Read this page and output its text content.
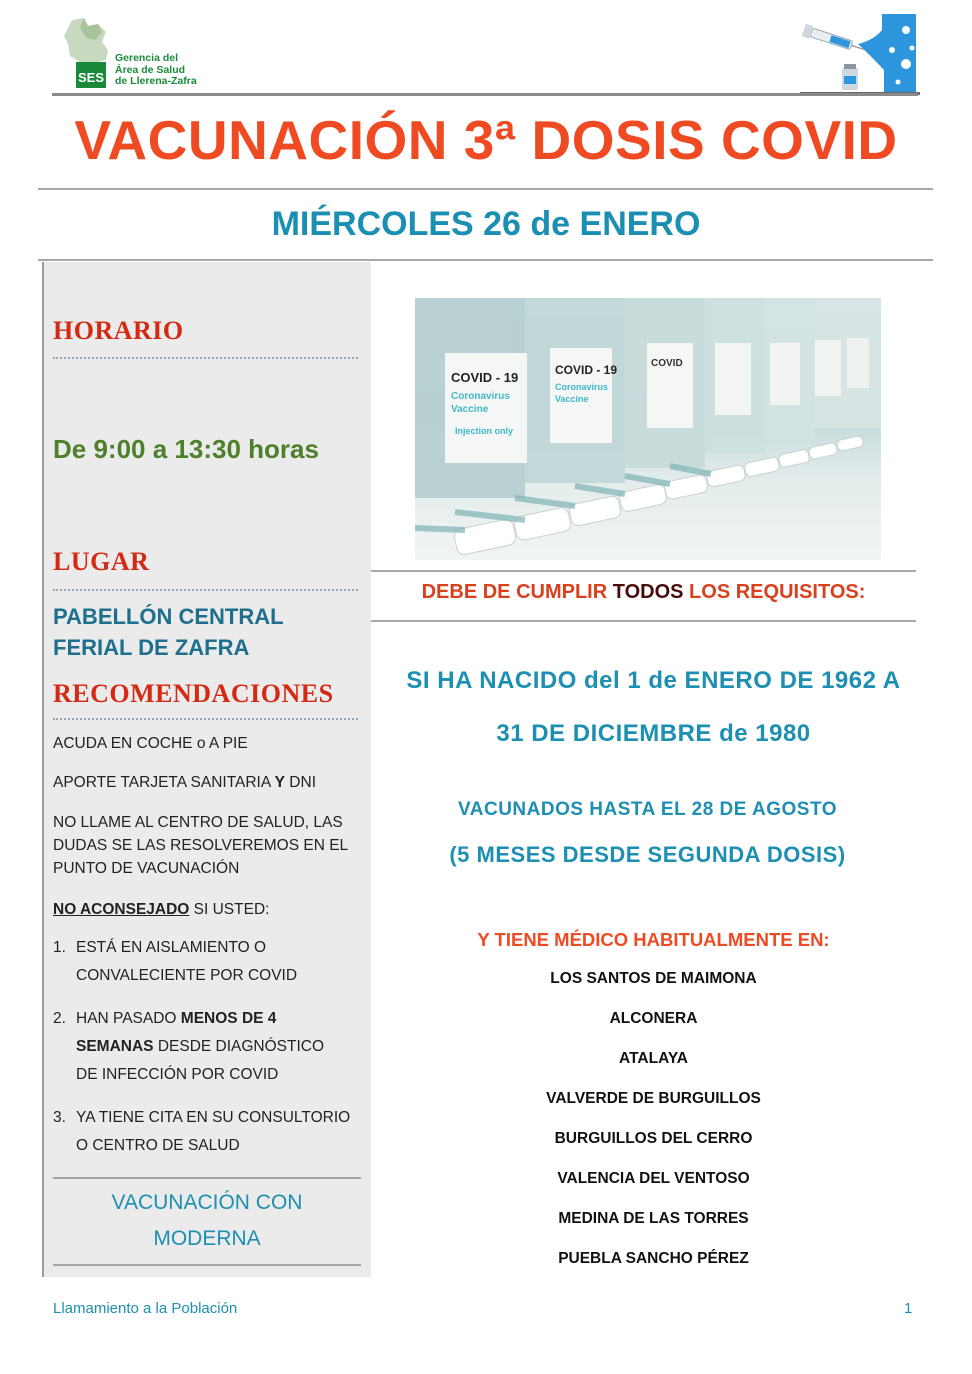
SES
Gerencia del
Área de Salud
de Llerena-Zafra
VACUNACIÓN 3ª DOSIS COVID
MIÉRCOLES 26 de ENERO
HORARIO
De 9:00 a 13:30 horas
LUGAR
PABELLÓN CENTRAL
FERIAL DE ZAFRA
RECOMENDACIONES
ACUDA EN COCHE o A PIE
APORTE TARJETA SANITARIA Y DNI
NO LLAME AL CENTRO DE SALUD, LAS
DUDAS SE LAS RESOLVEREMOS EN EL
PUNTO DE VACUNACIÓN
NO ACONSEJADO SI USTED:
1. ESTÁ EN AISLAMIENTO O
CONVALECIENTE POR COVID
2. HAN PASADO MENOS DE 4
SEMANAS DESDE DIAGNÓSTICO
DE INFECCIÓN POR COVID
3. YA TIENE CITA EN SU CONSULTORIO
O CENTRO DE SALUD
VACUNACIÓN CON
MODERNA
COVID - 19
Coronavirus
Vaccine
Injection only
COVID - 19
Coronavirus
Vaccine
COVID
DEBE DE CUMPLIR TODOS LOS REQUISITOS:
SI HA NACIDO del 1 de ENERO DE 1962 A
31 DE DICIEMBRE de 1980
VACUNADOS HASTA EL 28 DE AGOSTO
(5 MESES DESDE SEGUNDA DOSIS)
Y TIENE MÉDICO HABITUALMENTE EN:
LOS SANTOS DE MAIMONA
ALCONERA
ATALAYA
VALVERDE DE BURGUILLOS
BURGUILLOS DEL CERRO
VALENCIA DEL VENTOSO
MEDINA DE LAS TORRES
PUEBLA SANCHO PÉREZ
Llamamiento a la Población	1
